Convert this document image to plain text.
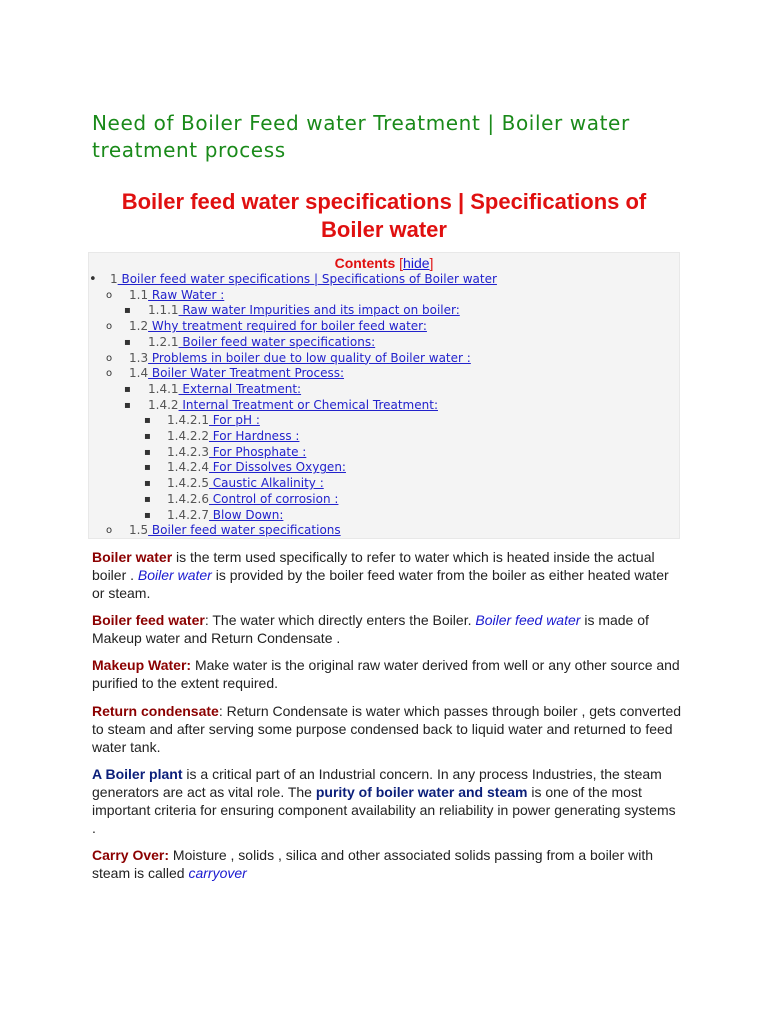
Need of Boiler Feed water Treatment | Boiler water treatment process
Boiler feed water specifications | Specifications of Boiler water
Contents [hide]
• 1 Boiler feed water specifications | Specifications of Boiler water
o 1.1 Raw Water :
▪ 1.1.1 Raw water Impurities and its impact on boiler:
o 1.2 Why treatment required for boiler feed water:
▪ 1.2.1 Boiler feed water specifications:
o 1.3 Problems in boiler due to low quality of Boiler water :
o 1.4 Boiler Water Treatment Process:
▪ 1.4.1 External Treatment:
▪ 1.4.2 Internal Treatment or Chemical Treatment:
▪ 1.4.2.1 For pH :
▪ 1.4.2.2 For Hardness :
▪ 1.4.2.3 For Phosphate :
▪ 1.4.2.4 For Dissolves Oxygen:
▪ 1.4.2.5 Caustic Alkalinity :
▪ 1.4.2.6 Control of corrosion :
▪ 1.4.2.7 Blow Down:
o 1.5 Boiler feed water specifications

Boiler water is the term used specifically to refer to water which is heated inside the actual boiler . Boiler water is provided by the boiler feed water from the boiler as either heated water or steam.

Boiler feed water: The water which directly enters the Boiler. Boiler feed water is made of Makeup water and Return Condensate .

Makeup Water: Make water is the original raw water derived from well or any other source and purified to the extent required.

Return condensate: Return Condensate is water which passes through boiler , gets converted to steam and after serving some purpose condensed back to liquid water and returned to feed water tank.

A Boiler plant is a critical part of an Industrial concern. In any process Industries, the steam generators are act as vital role. The purity of boiler water and steam is one of the most important criteria for ensuring component availability an reliability in power generating systems .

Carry Over: Moisture , solids , silica and other associated solids passing from a boiler with steam is called carryover
